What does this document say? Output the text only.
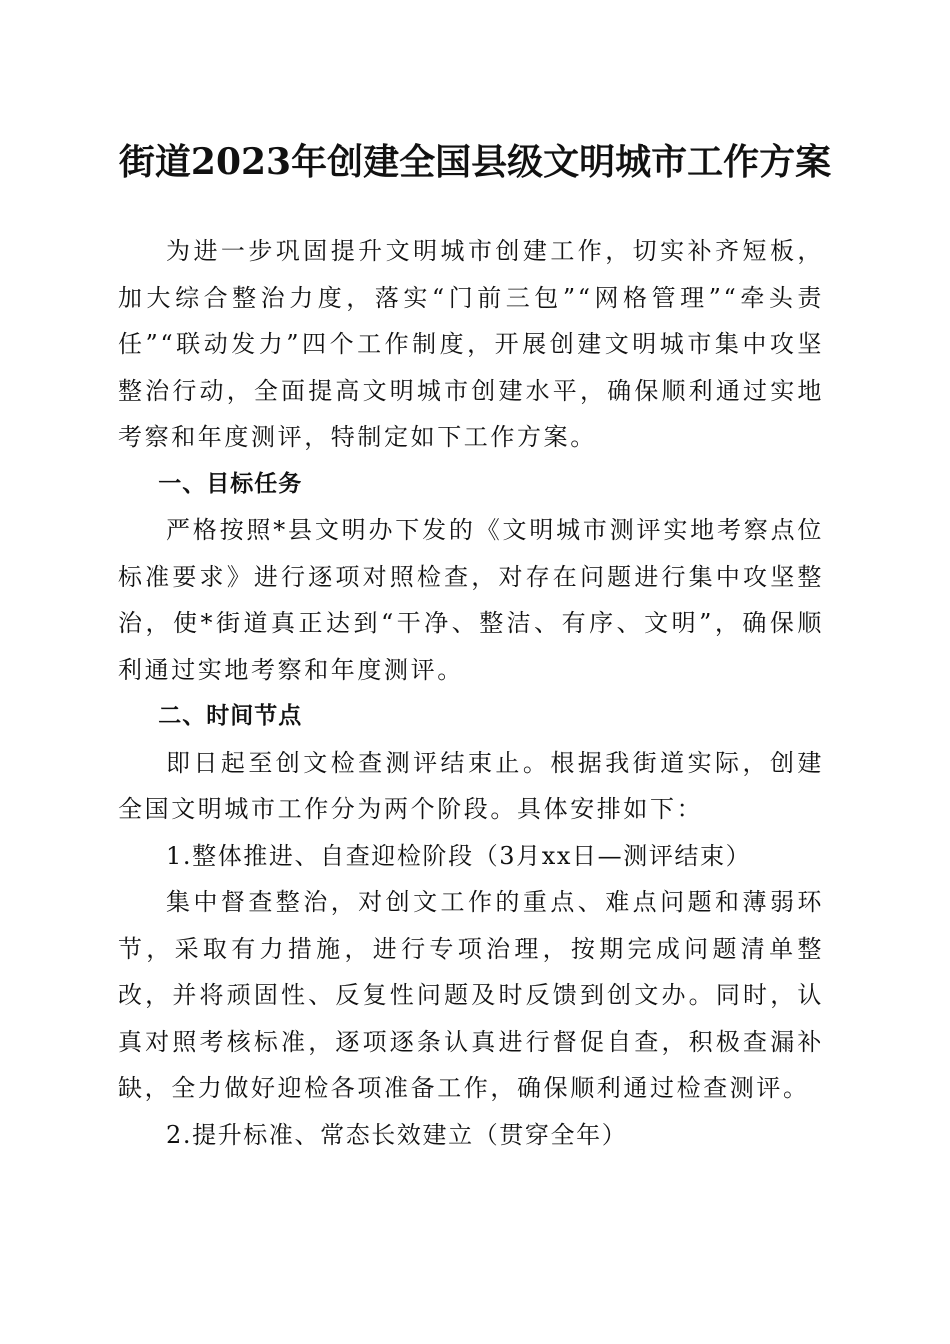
街道2023年创建全国县级文明城市工作方案

为进一步巩固提升文明城市创建工作，切实补齐短板，加大综合整治力度，落实“门前三包”“网格管理”“牵头责任”“联动发力”四个工作制度，开展创建文明城市集中攻坚整治行动，全面提高文明城市创建水平，确保顺利通过实地考察和年度测评，特制定如下工作方案。

一、目标任务

严格按照*县文明办下发的《文明城市测评实地考察点位标准要求》进行逐项对照检查，对存在问题进行集中攻坚整治，使*街道真正达到“干净、整洁、有序、文明”，确保顺利通过实地考察和年度测评。

二、时间节点

即日起至创文检查测评结束止。根据我街道实际，创建全国文明城市工作分为两个阶段。具体安排如下：

1.整体推进、自查迎检阶段（3月xx日—测评结束）

集中督查整治，对创文工作的重点、难点问题和薄弱环节，采取有力措施，进行专项治理，按期完成问题清单整改，并将顽固性、反复性问题及时反馈到创文办。同时，认真对照考核标准，逐项逐条认真进行督促自查，积极查漏补缺，全力做好迎检各项准备工作，确保顺利通过检查测评。

2.提升标准、常态长效建立（贯穿全年）
